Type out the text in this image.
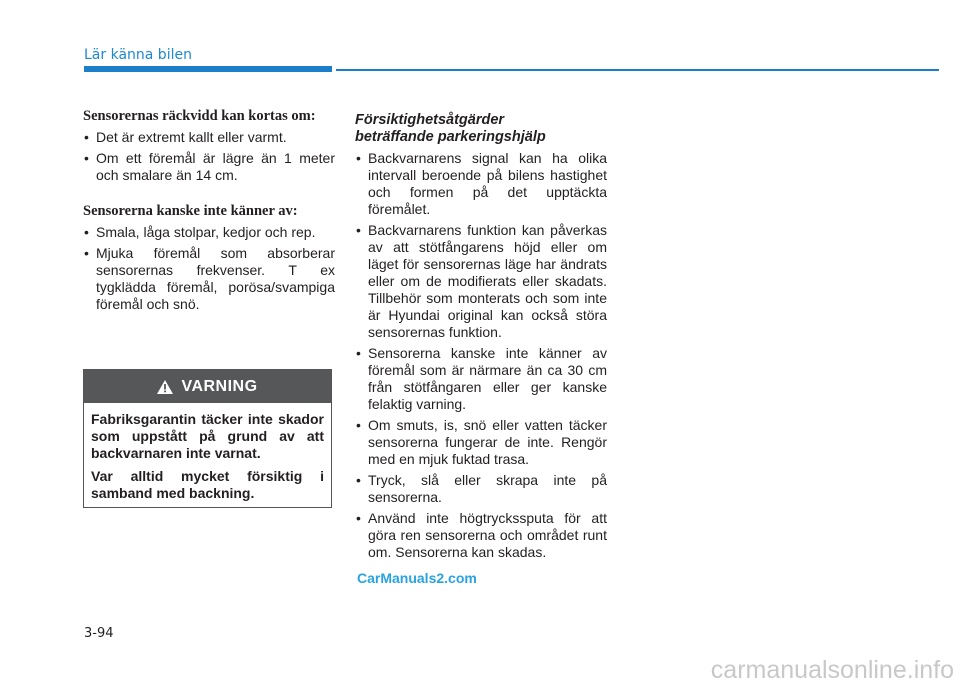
Lär känna bilen
Sensorernas räckvidd kan kortas om:
• Det är extremt kallt eller varmt.
• Om ett föremål är lägre än 1 meter och smalare än 14 cm.
Sensorerna kanske inte känner av:
• Smala, låga stolpar, kedjor och rep.
• Mjuka föremål som absorberar sensorernas frekvenser. T ex tygklädda föremål, porösa/svampiga föremål och snö.
VARNING

Fabriksgarantin täcker inte skador som uppstått på grund av att backvarnaren inte varnat.

Var alltid mycket försiktig i samband med backning.

Försiktighetsåtgärder
beträffande parkeringshjälp
• Backvarnarens signal kan ha olika intervall beroende på bilens hastighet och formen på det upptäckta föremålet.
• Backvarnarens funktion kan påverkas av att stötfångarens höjd eller om läget för sensorernas läge har ändrats eller om de modifierats eller skadats. Tillbehör som monterats och som inte är Hyundai original kan också störa sensorernas funktion.
• Sensorerna kanske inte känner av föremål som är närmare än ca 30 cm från stötfångaren eller ger kanske felaktig varning.
• Om smuts, is, snö eller vatten täcker sensorerna fungerar de inte. Rengör med en mjuk fuktad trasa.
• Tryck, slå eller skrapa inte på sensorerna.
• Använd inte högtryckssputa för att göra ren sensorerna och området runt om. Sensorerna kan skadas.
CarManuals2.com
3-94
carmanualsonline.info
